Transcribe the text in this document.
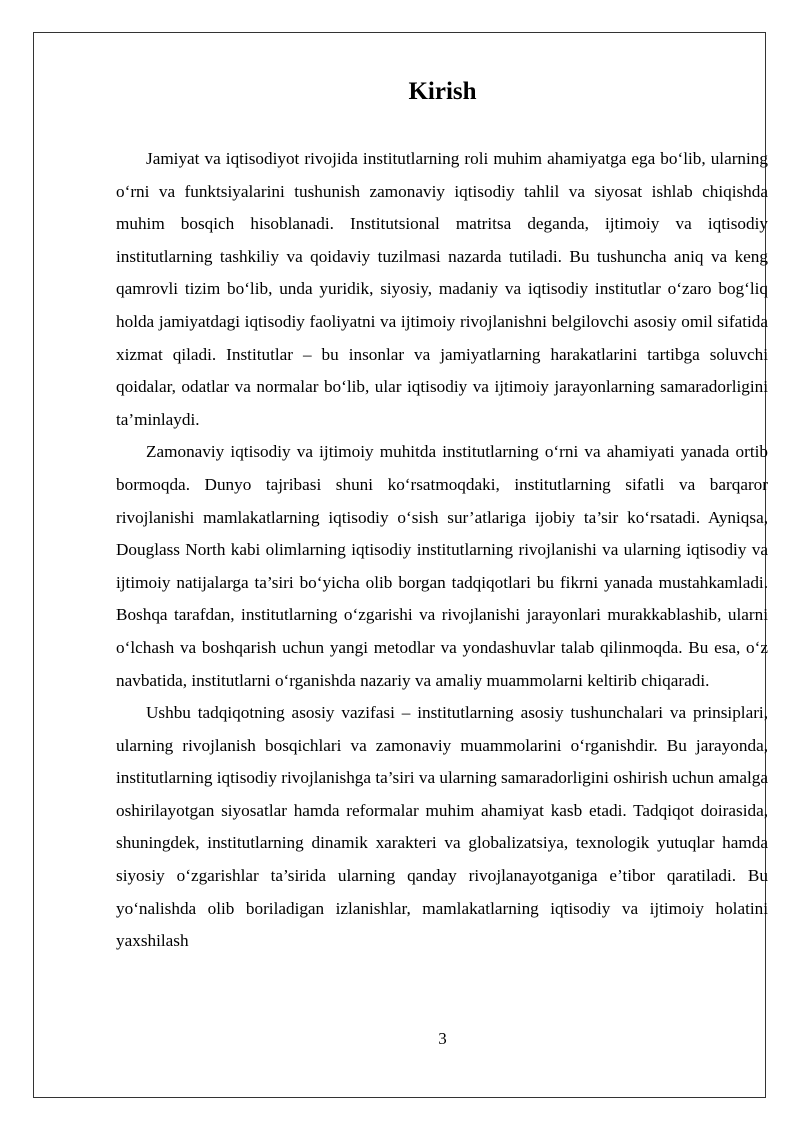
Kirish

Jamiyat va iqtisodiyot rivojida institutlarning roli muhim ahamiyatga ega bo‘lib, ularning o‘rni va funktsiyalarini tushunish zamonaviy iqtisodiy tahlil va siyosat ishlab chiqishda muhim bosqich hisoblanadi. Institutsional matritsa deganda, ijtimoiy va iqtisodiy institutlarning tashkiliy va qoidaviy tuzilmasi nazarda tutiladi. Bu tushuncha aniq va keng qamrovli tizim bo‘lib, unda yuridik, siyosiy, madaniy va iqtisodiy institutlar o‘zaro bog‘liq holda jamiyatdagi iqtisodiy faoliyatni va ijtimoiy rivojlanishni belgilovchi asosiy omil sifatida xizmat qiladi. Institutlar – bu insonlar va jamiyatlarning harakatlarini tartibga soluvchi qoidalar, odatlar va normalar bo‘lib, ular iqtisodiy va ijtimoiy jarayonlarning samaradorligini ta’minlaydi.

Zamonaviy iqtisodiy va ijtimoiy muhitda institutlarning o‘rni va ahamiyati yanada ortib bormoqda. Dunyo tajribasi shuni ko‘rsatmoqdaki, institutlarning sifatli va barqaror rivojlanishi mamlakatlarning iqtisodiy o‘sish sur’atlariga ijobiy ta’sir ko‘rsatadi. Ayniqsa, Douglass North kabi olimlarning iqtisodiy institutlarning rivojlanishi va ularning iqtisodiy va ijtimoiy natijalarga ta’siri bo‘yicha olib borgan tadqiqotlari bu fikrni yanada mustahkamladi. Boshqa tarafdan, institutlarning o‘zgarishi va rivojlanishi jarayonlari murakkablashib, ularni o‘lchash va boshqarish uchun yangi metodlar va yondashuvlar talab qilinmoqda. Bu esa, o‘z navbatida, institutlarni o‘rganishda nazariy va amaliy muammolarni keltirib chiqaradi.

Ushbu tadqiqotning asosiy vazifasi – institutlarning asosiy tushunchalari va prinsiplari, ularning rivojlanish bosqichlari va zamonaviy muammolarini o‘rganishdir. Bu jarayonda, institutlarning iqtisodiy rivojlanishga ta’siri va ularning samaradorligini oshirish uchun amalga oshirilayotgan siyosatlar hamda reformalar muhim ahamiyat kasb etadi. Tadqiqot doirasida, shuningdek, institutlarning dinamik xarakteri va globalizatsiya, texnologik yutuqlar hamda siyosiy o‘zgarishlar ta’sirida ularning qanday rivojlanayotganiga e’tibor qaratiladi. Bu yo‘nalishda olib boriladigan izlanishlar, mamlakatlarning iqtisodiy va ijtimoiy holatini yaxshilash

3
